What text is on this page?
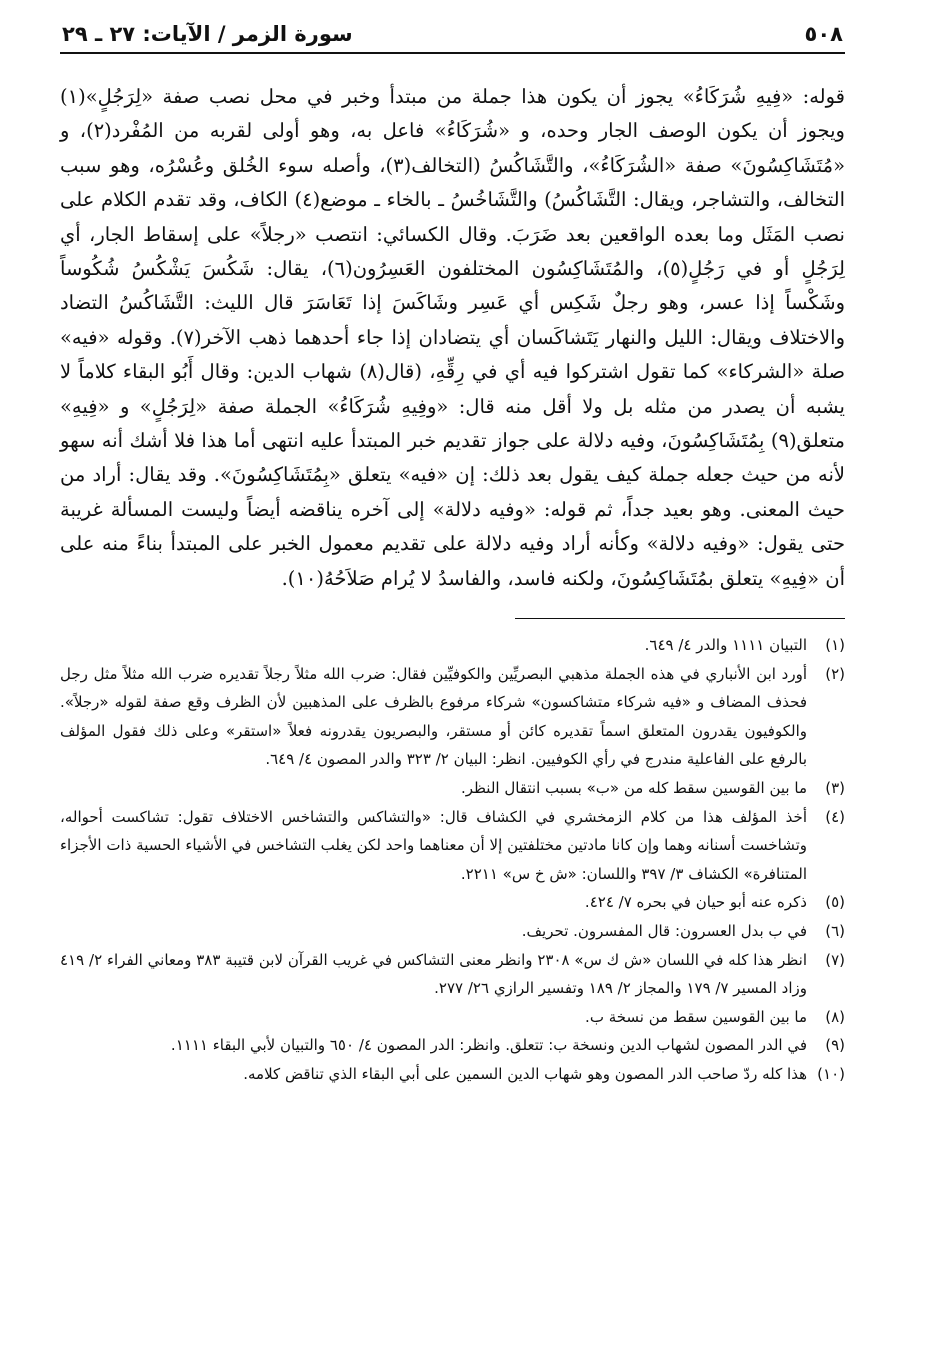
٥٠٨
سورة الزمر / الآيات: ٢٧ ـ ٢٩

قوله: «فِيهِ شُرَكَاءُ» يجوز أن يكون هذا جملة من مبتدأ وخبر في محل نصب صفة «لِرَجُلٍ»(١) ويجوز أن يكون الوصف الجار وحده، و «شُرَكَاءُ» فاعل به، وهو أولى لقربه من المُفْرد(٢)، و «مُتَشَاكِسُونَ» صفة «الشُرَكَاءُ»، والتَّشَاكُسُ (التخالف(٣)، وأصله سوء الخُلق وعُسْرُه، وهو سبب التخالف، والتشاجر، ويقال: التَّشَاكُسُ) والتَّشَاخُسُ ـ بالخاء ـ موضع(٤) الكاف، وقد تقدم الكلام على نصب المَثَل وما بعده الواقعين بعد ضَرَبَ. وقال الكسائي: انتصب «رجلاً» على إسقاط الجار، أي لِرَجُلٍ أو في رَجُلٍ(٥)، والمُتَشَاكِسُون المختلفون العَسِرُون(٦)، يقال: شَكُسَ يَشْكُسُ شُكُوساً وشَكْساً إذا عسر، وهو رجلٌ شَكِس أي عَسِر وشَاكَسَ إذا تَعَاسَرَ قال الليث: التَّشَاكُسُ التضاد والاختلاف ويقال: الليل والنهار يَتَشاكَسان أي يتضادان إذا جاء أحدهما ذهب الآخر(٧). وقوله «فيه» صلة «الشركاء» كما تقول اشتركوا فيه أي في رِقِّهِ، (قال(٨) شهاب الدين: وقال أَبُو البقاء كلاماً لا يشبه أن يصدر من مثله بل ولا أقل منه قال: «وفِيهِ شُرَكَاءُ» الجملة صفة «لِرَجُلٍ» و «فِيهِ» متعلق(٩) بِمُتَشَاكِسُونَ، وفيه دلالة على جواز تقديم خبر المبتدأ عليه انتهى أما هذا فلا أشك أنه سهو لأنه من حيث جعله جملة كيف يقول بعد ذلك: إن «فيه» يتعلق «بِمُتَشَاكِسُونَ». وقد يقال: أراد من حيث المعنى. وهو بعيد جداً، ثم قوله: «وفيه دلالة» إلى آخره يناقضه أيضاً وليست المسألة غريبة حتى يقول: «وفيه دلالة» وكأنه أراد وفيه دلالة على تقديم معمول الخبر على المبتدأ بناءً منه على أن «فِيهِ» يتعلق بمُتَشَاكِسُونَ، ولكنه فاسد، والفاسدُ لا يُرام صَلاَحُهُ(١٠).

(١)
التبيان ١١١١ والدر ٤/ ٦٤٩.
(٢)
أورد ابن الأنباري في هذه الجملة مذهبي البصريِّين والكوفيِّين فقال: ضرب الله مثلاً رجلاً تقديره ضرب الله مثلاً مثل رجل فحذف المضاف و «فيه شركاء متشاكسون» شركاء مرفوع بالظرف على المذهبين لأن الظرف وقع صفة لقوله «رجلاً». والكوفيون يقدرون المتعلق اسماً تقديره كائن أو مستقر، والبصريون يقدرونه فعلاً «استقر» وعلى ذلك فقول المؤلف بالرفع على الفاعلية مندرج في رأي الكوفيين. انظر: البيان ٢/ ٣٢٣ والدر المصون ٤/ ٦٤٩.
(٣)
ما بين القوسين سقط كله من «ب» بسبب انتقال النظر.
(٤)
أخذ المؤلف هذا من كلام الزمخشري في الكشاف قال: «والتشاكس والتشاخس الاختلاف تقول: تشاكست أحواله، وتشاخست أسنانه وهما وإن كانا مادتين مختلفتين إلا أن معناهما واحد لكن يغلب التشاخس في الأشياء الحسية ذات الأجزاء المتنافرة» الكشاف ٣/ ٣٩٧ واللسان: «ش خ س» ٢٢١١.
(٥)
ذكره عنه أبو حيان في بحره ٧/ ٤٢٤.
(٦)
في ب بدل العسرون: قال المفسرون. تحريف.
(٧)
انظر هذا كله في اللسان «ش ك س» ٢٣٠٨ وانظر معنى التشاكس في غريب القرآن لابن قتيبة ٣٨٣ ومعاني الفراء ٢/ ٤١٩ وزاد المسير ٧/ ١٧٩ والمجاز ٢/ ١٨٩ وتفسير الرازي ٢٦/ ٢٧٧.
(٨)
ما بين القوسين سقط من نسخة ب.
(٩)
في الدر المصون لشهاب الدين ونسخة ب: تتعلق. وانظر: الدر المصون ٤/ ٦٥٠ والتبيان لأبي البقاء ١١١١.
(١٠)
هذا كله ردّ صاحب الدر المصون وهو شهاب الدين السمين على أبي البقاء الذي تناقض كلامه.
